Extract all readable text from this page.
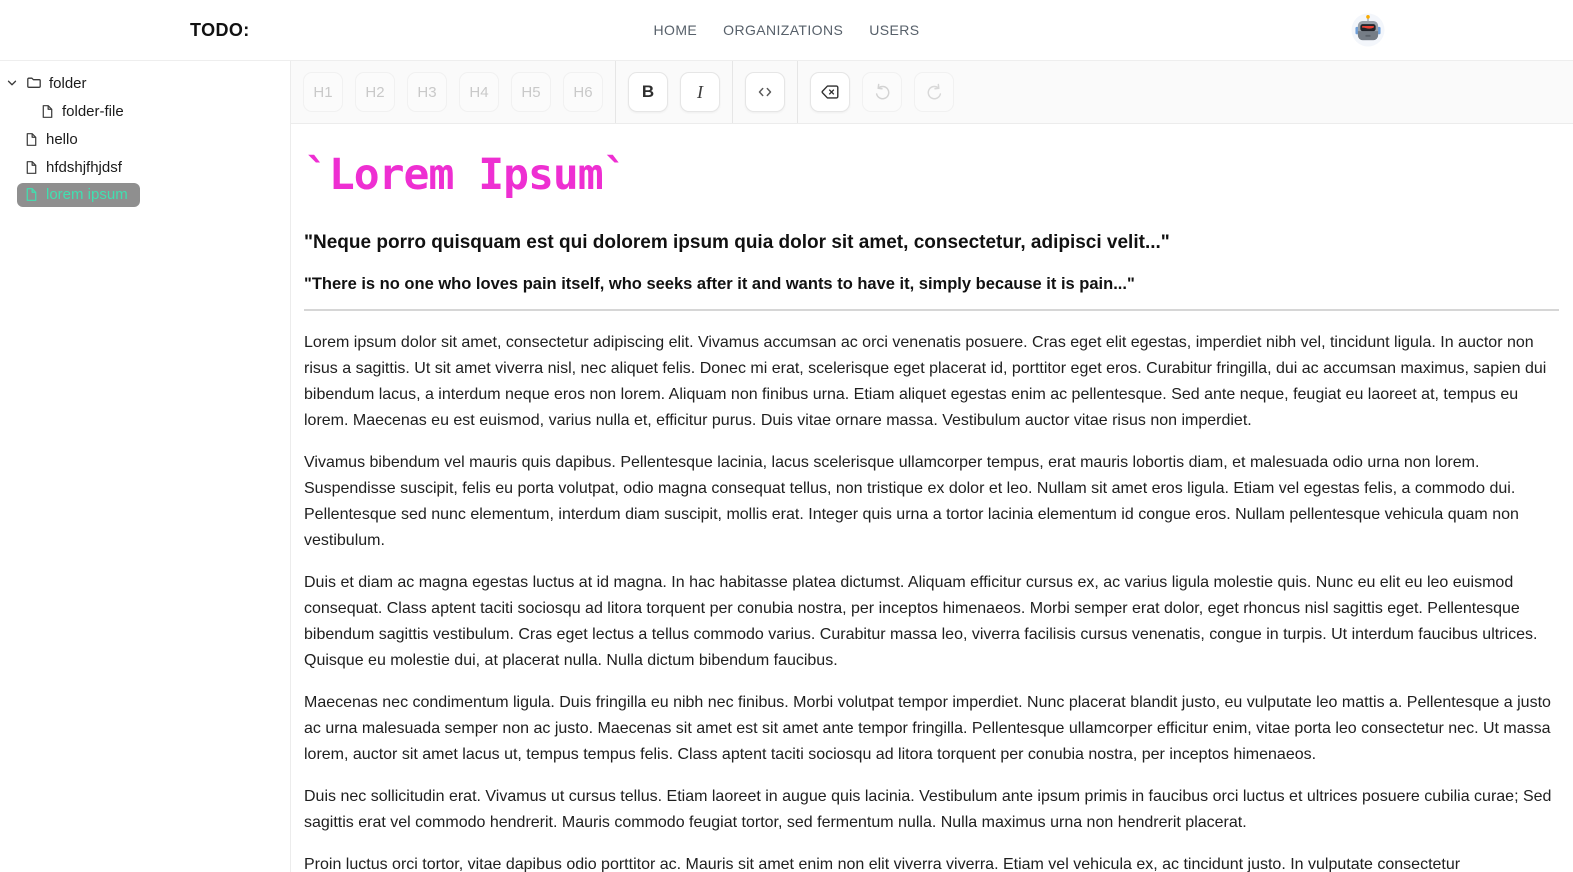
TODO:	HOME ORGANIZATIONS USERS
folder
folder-file
hello
hfdshjfhjdsf
lorem ipsum
H1	H2	H3	H4	H5	H6	B	I
`Lorem Ipsum`
"Neque porro quisquam est qui dolorem ipsum quia dolor sit amet, consectetur, adipisci velit..."
"There is no one who loves pain itself, who seeks after it and wants to have it, simply because it is pain..."

Lorem ipsum dolor sit amet, consectetur adipiscing elit. Vivamus accumsan ac orci venenatis posuere. Cras eget elit egestas, imperdiet nibh vel, tincidunt ligula. In auctor non risus a sagittis. Ut sit amet viverra nisl, nec aliquet felis. Donec mi erat, scelerisque eget placerat id, porttitor eget eros. Curabitur fringilla, dui ac accumsan maximus, sapien dui bibendum lacus, a interdum neque eros non lorem. Aliquam non finibus urna. Etiam aliquet egestas enim ac pellentesque. Sed ante neque, feugiat eu laoreet at, tempus eu lorem. Maecenas eu est euismod, varius nulla et, efficitur purus. Duis vitae ornare massa. Vestibulum auctor vitae risus non imperdiet.

Vivamus bibendum vel mauris quis dapibus. Pellentesque lacinia, lacus scelerisque ullamcorper tempus, erat mauris lobortis diam, et malesuada odio urna non lorem. Suspendisse suscipit, felis eu porta volutpat, odio magna consequat tellus, non tristique ex dolor et leo. Nullam sit amet eros ligula. Etiam vel egestas felis, a commodo dui. Pellentesque sed nunc elementum, interdum diam suscipit, mollis erat. Integer quis urna a tortor lacinia elementum id congue eros. Nullam pellentesque vehicula quam non vestibulum.

Duis et diam ac magna egestas luctus at id magna. In hac habitasse platea dictumst. Aliquam efficitur cursus ex, ac varius ligula molestie quis. Nunc eu elit eu leo euismod consequat. Class aptent taciti sociosqu ad litora torquent per conubia nostra, per inceptos himenaeos. Morbi semper erat dolor, eget rhoncus nisl sagittis eget. Pellentesque bibendum sagittis vestibulum. Cras eget lectus a tellus commodo varius. Curabitur massa leo, viverra facilisis cursus venenatis, congue in turpis. Ut interdum faucibus ultrices. Quisque eu molestie dui, at placerat nulla. Nulla dictum bibendum faucibus.

Maecenas nec condimentum ligula. Duis fringilla eu nibh nec finibus. Morbi volutpat tempor imperdiet. Nunc placerat blandit justo, eu vulputate leo mattis a. Pellentesque a justo ac urna malesuada semper non ac justo. Maecenas sit amet est sit amet ante tempor fringilla. Pellentesque ullamcorper efficitur enim, vitae porta leo consectetur nec. Ut massa lorem, auctor sit amet lacus ut, tempus tempus felis. Class aptent taciti sociosqu ad litora torquent per conubia nostra, per inceptos himenaeos.

Duis nec sollicitudin erat. Vivamus ut cursus tellus. Etiam laoreet in augue quis lacinia. Vestibulum ante ipsum primis in faucibus orci luctus et ultrices posuere cubilia curae; Sed sagittis erat vel commodo hendrerit. Mauris commodo feugiat tortor, sed fermentum nulla. Nulla maximus urna non hendrerit placerat.

Proin luctus orci tortor, vitae dapibus odio porttitor ac. Mauris sit amet enim non elit viverra viverra. Etiam vel vehicula ex, ac tincidunt justo. In vulputate consectetur
